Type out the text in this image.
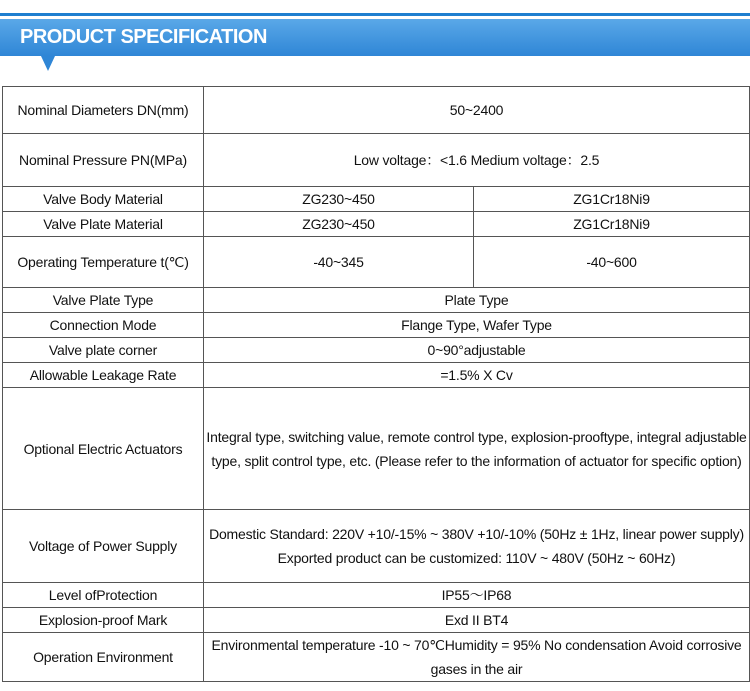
PRODUCT SPECIFICATION
Nominal Diameters DN(mm)	50~2400	
Nominal Pressure PN(MPa)	Low voltage：<1.6 Medium voltage：2.5	
Valve Body Material	ZG230~450	ZG1Cr18Ni9
Valve Plate Material	ZG230~450	ZG1Cr18Ni9
Operating Temperature t(℃)	-40~345	-40~600
Valve Plate Type	Plate Type	
Connection Mode	Flange Type, Wafer Type	
Valve plate corner	0~90°adjustable	
Allowable Leakage Rate	=1.5% X Cv	
Optional Electric Actuators	Integral type, switching value, remote control type, explosion-prooftype, integral adjustable type, split control type, etc. (Please refer to the information of actuator for specific option)	
Voltage of Power Supply	Domestic Standard: 220V +10/-15% ~ 380V +10/-10% (50Hz ± 1Hz, linear power supply) Exported product can be customized: 110V ~ 480V (50Hz ~ 60Hz)	
Level ofProtection	IP55～IP68	
Explosion-proof Mark	Exd II BT4	
Operation Environment	Environmental temperature -10 ~ 70℃Humidity = 95% No condensation Avoid corrosive gases in the air	
